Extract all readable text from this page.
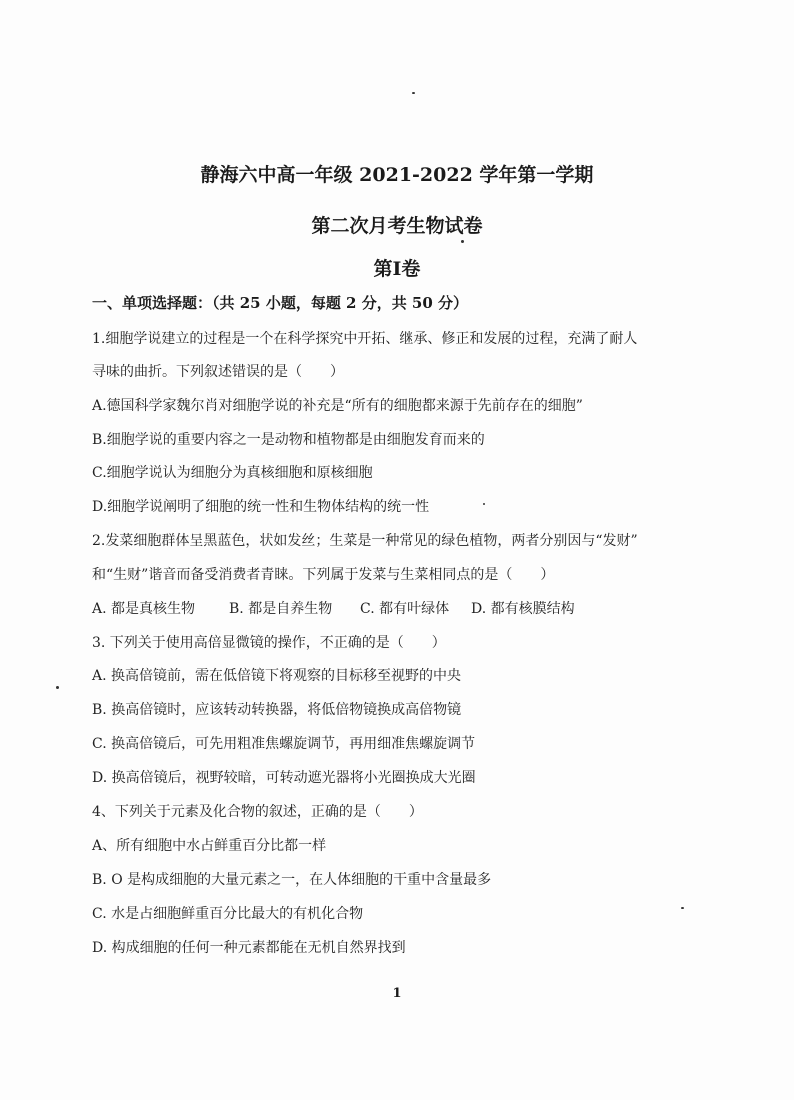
静海六中高一年级 2021-2022 学年第一学期
第二次月考生物试卷
第Ⅰ卷
一、单项选择题：（共 25 小题，每题 2 分，共 50 分）
1.细胞学说建立的过程是一个在科学探究中开拓、继承、修正和发展的过程，充满了耐人
寻味的曲折。下列叙述错误的是（　　）
A.德国科学家魏尔肖对细胞学说的补充是“所有的细胞都来源于先前存在的细胞”
B.细胞学说的重要内容之一是动物和植物都是由细胞发育而来的
C.细胞学说认为细胞分为真核细胞和原核细胞
D.细胞学说阐明了细胞的统一性和生物体结构的统一性
2.发菜细胞群体呈黑蓝色，状如发丝；生菜是一种常见的绿色植物，两者分别因与“发财”
和“生财”谐音而备受消费者青睐。下列属于发菜与生菜相同点的是（　　）
A. 都是真核生物 B. 都是自养生物 C. 都有叶绿体 D. 都有核膜结构
3. 下列关于使用高倍显微镜的操作，不正确的是（　　）
A. 换高倍镜前，需在低倍镜下将观察的目标移至视野的中央
B. 换高倍镜时，应该转动转换器，将低倍物镜换成高倍物镜
C. 换高倍镜后，可先用粗准焦螺旋调节，再用细准焦螺旋调节
D. 换高倍镜后，视野较暗，可转动遮光器将小光圈换成大光圈
4、下列关于元素及化合物的叙述，正确的是（　　）
A、所有细胞中水占鲜重百分比都一样
B. O 是构成细胞的大量元素之一，在人体细胞的干重中含量最多
C. 水是占细胞鲜重百分比最大的有机化合物
D. 构成细胞的任何一种元素都能在无机自然界找到
1
